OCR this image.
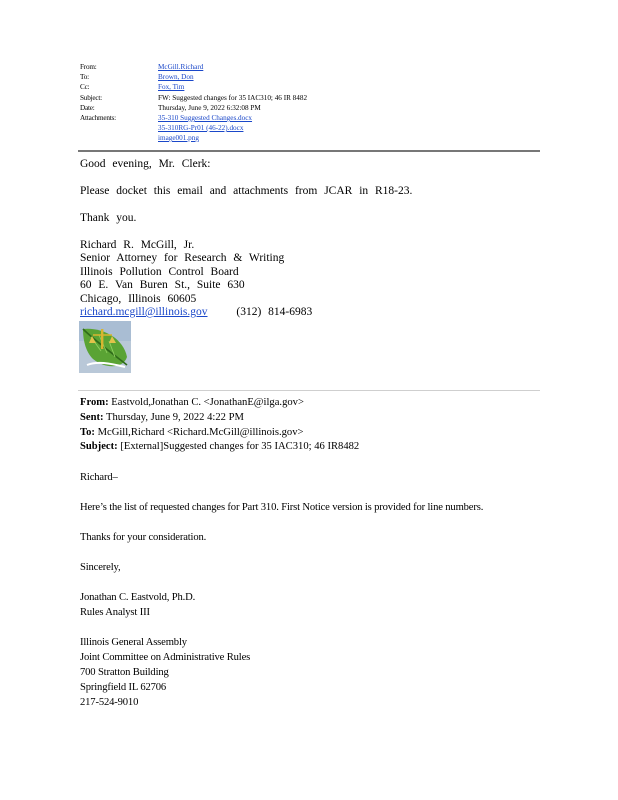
From:	McGill.Richard
To:	Brown, Don
Cc:	Fox, Tim
Subject:	FW: Suggested changes for 35 IAC310; 46 IR 8482
Date:	Thursday, June 9, 2022 6:32:08 PM
Attachments:	35-310 Suggested Changes.docx
35-310RG-Pr01 (46-22).docx
image001.png
Good evening, Mr. Clerk:
Please docket this email and attachments from JCAR in R18-23.
Thank you.
Richard R. McGill, Jr.
Senior Attorney for Research & Writing
Illinois Pollution Control Board
60 E. Van Buren St., Suite 630
Chicago, Illinois 60605
richard.mcgill@illinois.gov	(312) 814-6983
From: Eastvold,Jonathan C. <JonathanE@ilga.gov>
Sent: Thursday, June 9, 2022 4:22 PM
To: McGill,Richard <Richard.McGill@illinois.gov>
Subject: [External]Suggested changes for 35 IAC310; 46 IR8482
Richard–
Here’s the list of requested changes for Part 310. First Notice version is provided for line numbers.
Thanks for your consideration.
Sincerely,
Jonathan C. Eastvold, Ph.D.
Rules Analyst III
Illinois General Assembly
Joint Committee on Administrative Rules
700 Stratton Building
Springfield IL 62706
217-524-9010
